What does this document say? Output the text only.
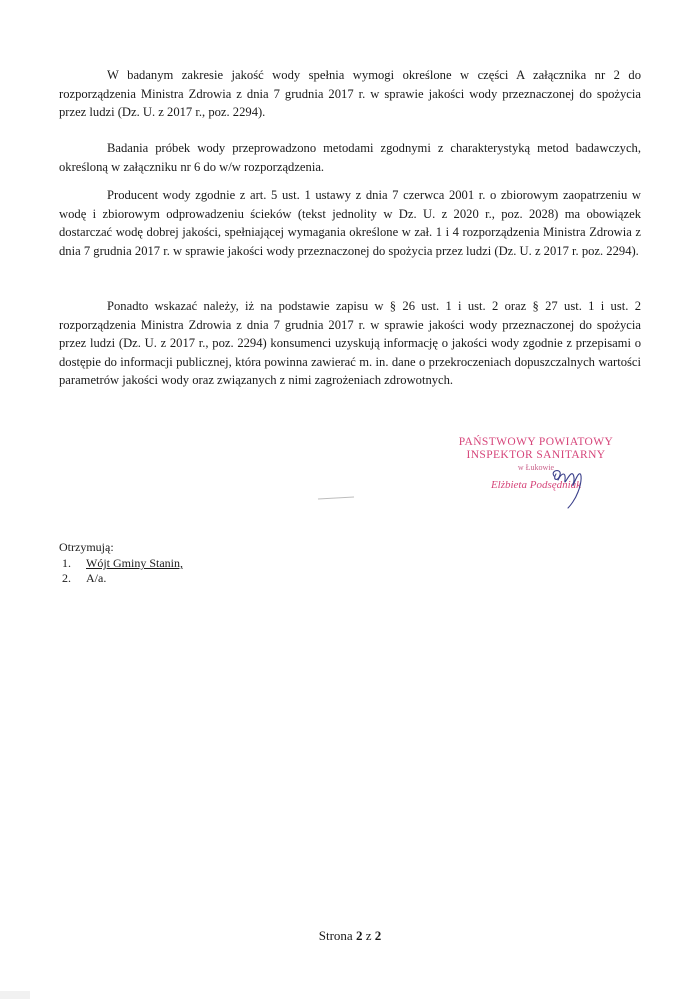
W badanym zakresie jakość wody spełnia wymogi określone w części A załącznika nr 2 do rozporządzenia Ministra Zdrowia z dnia 7 grudnia 2017 r. w sprawie jakości wody przeznaczonej do spożycia przez ludzi (Dz. U. z 2017 r., poz. 2294).

Badania próbek wody przeprowadzono metodami zgodnymi z charakterystyką metod badawczych, określoną w załączniku nr 6 do w/w rozporządzenia.

Producent wody zgodnie z art. 5 ust. 1 ustawy z dnia 7 czerwca 2001 r. o zbiorowym zaopatrzeniu w wodę i zbiorowym odprowadzeniu ścieków (tekst jednolity w Dz. U. z 2020 r., poz. 2028) ma obowiązek dostarczać wodę dobrej jakości, spełniającej wymagania określone w zał. 1 i 4 rozporządzenia Ministra Zdrowia z dnia 7 grudnia 2017 r. w sprawie jakości wody przeznaczonej do spożycia przez ludzi (Dz. U. z 2017 r. poz. 2294).

Ponadto wskazać należy, iż na podstawie zapisu w § 26 ust. 1 i ust. 2 oraz § 27 ust. 1 i ust. 2 rozporządzenia Ministra Zdrowia z dnia 7 grudnia 2017 r. w sprawie jakości wody przeznaczonej do spożycia przez ludzi (Dz. U. z 2017 r., poz. 2294) konsumenci uzyskują informację o jakości wody zgodnie z przepisami o dostępie do informacji publicznej, która powinna zawierać m. in. dane o przekroczeniach dopuszczalnych wartości parametrów jakości wody oraz związanych z nimi zagrożeniach zdrowotnych.

PAŃSTWOWY POWIATOWY
INSPEKTOR SANITARNY
w Łukowie
Elżbieta Podsędniak
Otrzymują:
1.	Wójt Gminy Stanin,
2.	A/a.
Strona 2 z 2
